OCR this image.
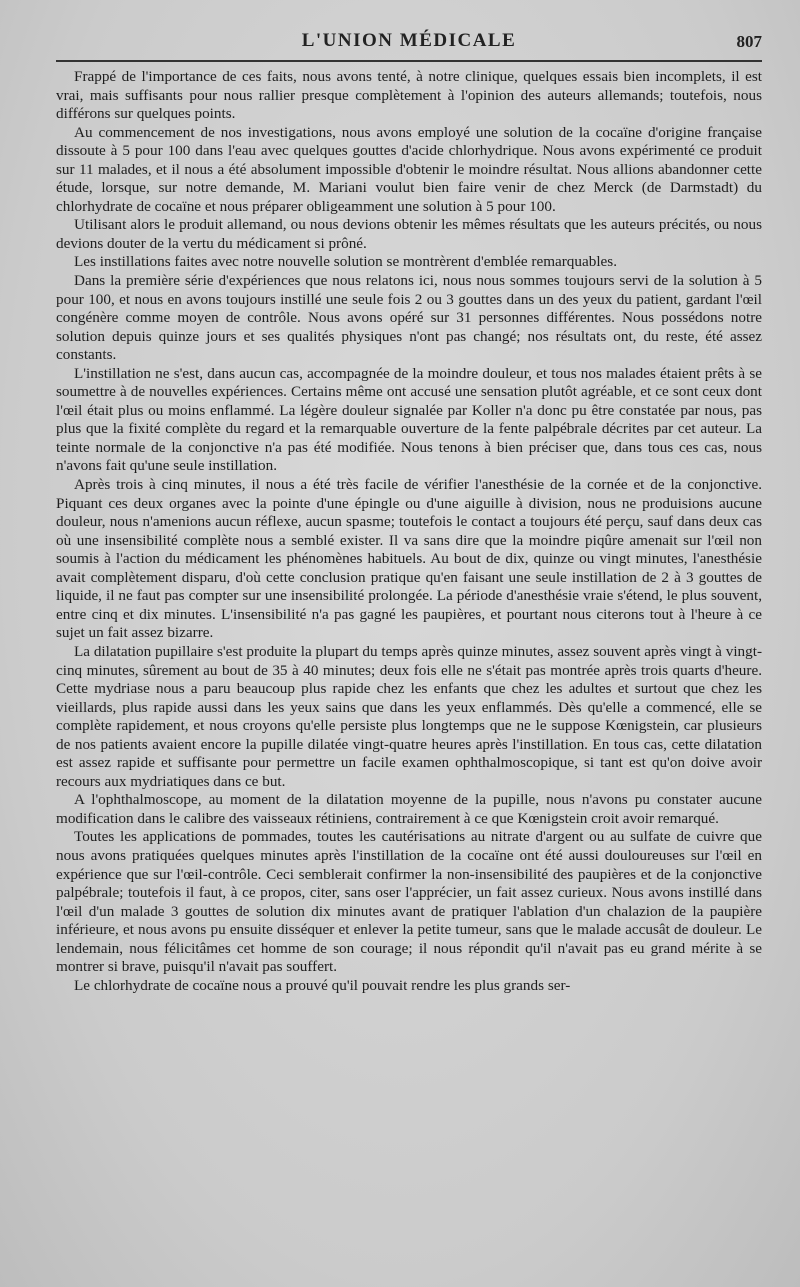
L'UNION MÉDICALE	807

Frappé de l'importance de ces faits, nous avons tenté, à notre clinique, quelques essais bien incomplets, il est vrai, mais suffisants pour nous rallier presque complètement à l'opinion des auteurs allemands; toutefois, nous différons sur quelques points.

Au commencement de nos investigations, nous avons employé une solution de la cocaïne d'origine française dissoute à 5 pour 100 dans l'eau avec quelques gouttes d'acide chlorhydrique. Nous avons expérimenté ce produit sur 11 malades, et il nous a été absolument impossible d'obtenir le moindre résultat. Nous allions abandonner cette étude, lorsque, sur notre demande, M. Mariani voulut bien faire venir de chez Merck (de Darmstadt) du chlorhydrate de cocaïne et nous préparer obligeamment une solution à 5 pour 100.

Utilisant alors le produit allemand, ou nous devions obtenir les mêmes résultats que les auteurs précités, ou nous devions douter de la vertu du médicament si prôné.

Les instillations faites avec notre nouvelle solution se montrèrent d'emblée remarquables.

Dans la première série d'expériences que nous relatons ici, nous nous sommes toujours servi de la solution à 5 pour 100, et nous en avons toujours instillé une seule fois 2 ou 3 gouttes dans un des yeux du patient, gardant l'œil congénère comme moyen de contrôle. Nous avons opéré sur 31 personnes différentes. Nous possédons notre solution depuis quinze jours et ses qualités physiques n'ont pas changé; nos résultats ont, du reste, été assez constants.

L'instillation ne s'est, dans aucun cas, accompagnée de la moindre douleur, et tous nos malades étaient prêts à se soumettre à de nouvelles expériences. Certains même ont accusé une sensation plutôt agréable, et ce sont ceux dont l'œil était plus ou moins enflammé. La légère douleur signalée par Koller n'a donc pu être constatée par nous, pas plus que la fixité complète du regard et la remarquable ouverture de la fente palpébrale décrites par cet auteur. La teinte normale de la conjonctive n'a pas été modifiée. Nous tenons à bien préciser que, dans tous ces cas, nous n'avons fait qu'une seule instillation.

Après trois à cinq minutes, il nous a été très facile de vérifier l'anesthésie de la cornée et de la conjonctive. Piquant ces deux organes avec la pointe d'une épingle ou d'une aiguille à division, nous ne produisions aucune douleur, nous n'amenions aucun réflexe, aucun spasme; toutefois le contact a toujours été perçu, sauf dans deux cas où une insensibilité complète nous a semblé exister. Il va sans dire que la moindre piqûre amenait sur l'œil non soumis à l'action du médicament les phénomènes habituels. Au bout de dix, quinze ou vingt minutes, l'anesthésie avait complètement disparu, d'où cette conclusion pratique qu'en faisant une seule instillation de 2 à 3 gouttes de liquide, il ne faut pas compter sur une insensibilité prolongée. La période d'anesthésie vraie s'étend, le plus souvent, entre cinq et dix minutes. L'insensibilité n'a pas gagné les paupières, et pourtant nous citerons tout à l'heure à ce sujet un fait assez bizarre.

La dilatation pupillaire s'est produite la plupart du temps après quinze minutes, assez souvent après vingt à vingt-cinq minutes, sûrement au bout de 35 à 40 minutes; deux fois elle ne s'était pas montrée après trois quarts d'heure. Cette mydriase nous a paru beaucoup plus rapide chez les enfants que chez les adultes et surtout que chez les vieillards, plus rapide aussi dans les yeux sains que dans les yeux enflammés. Dès qu'elle a commencé, elle se complète rapidement, et nous croyons qu'elle persiste plus longtemps que ne le suppose Kœnigstein, car plusieurs de nos patients avaient encore la pupille dilatée vingt-quatre heures après l'instillation. En tous cas, cette dilatation est assez rapide et suffisante pour permettre un facile examen ophthalmoscopique, si tant est qu'on doive avoir recours aux mydriatiques dans ce but.

A l'ophthalmoscope, au moment de la dilatation moyenne de la pupille, nous n'avons pu constater aucune modification dans le calibre des vaisseaux rétiniens, contrairement à ce que Kœnigstein croit avoir remarqué.

Toutes les applications de pommades, toutes les cautérisations au nitrate d'argent ou au sulfate de cuivre que nous avons pratiquées quelques minutes après l'instillation de la cocaïne ont été aussi douloureuses sur l'œil en expérience que sur l'œil-contrôle. Ceci semblerait confirmer la non-insensibilité des paupières et de la conjonctive palpébrale; toutefois il faut, à ce propos, citer, sans oser l'apprécier, un fait assez curieux. Nous avons instillé dans l'œil d'un malade 3 gouttes de solution dix minutes avant de pratiquer l'ablation d'un chalazion de la paupière inférieure, et nous avons pu ensuite disséquer et enlever la petite tumeur, sans que le malade accusât de douleur. Le lendemain, nous félicitâmes cet homme de son courage; il nous répondit qu'il n'avait pas eu grand mérite à se montrer si brave, puisqu'il n'avait pas souffert.

Le chlorhydrate de cocaïne nous a prouvé qu'il pouvait rendre les plus grands ser-
